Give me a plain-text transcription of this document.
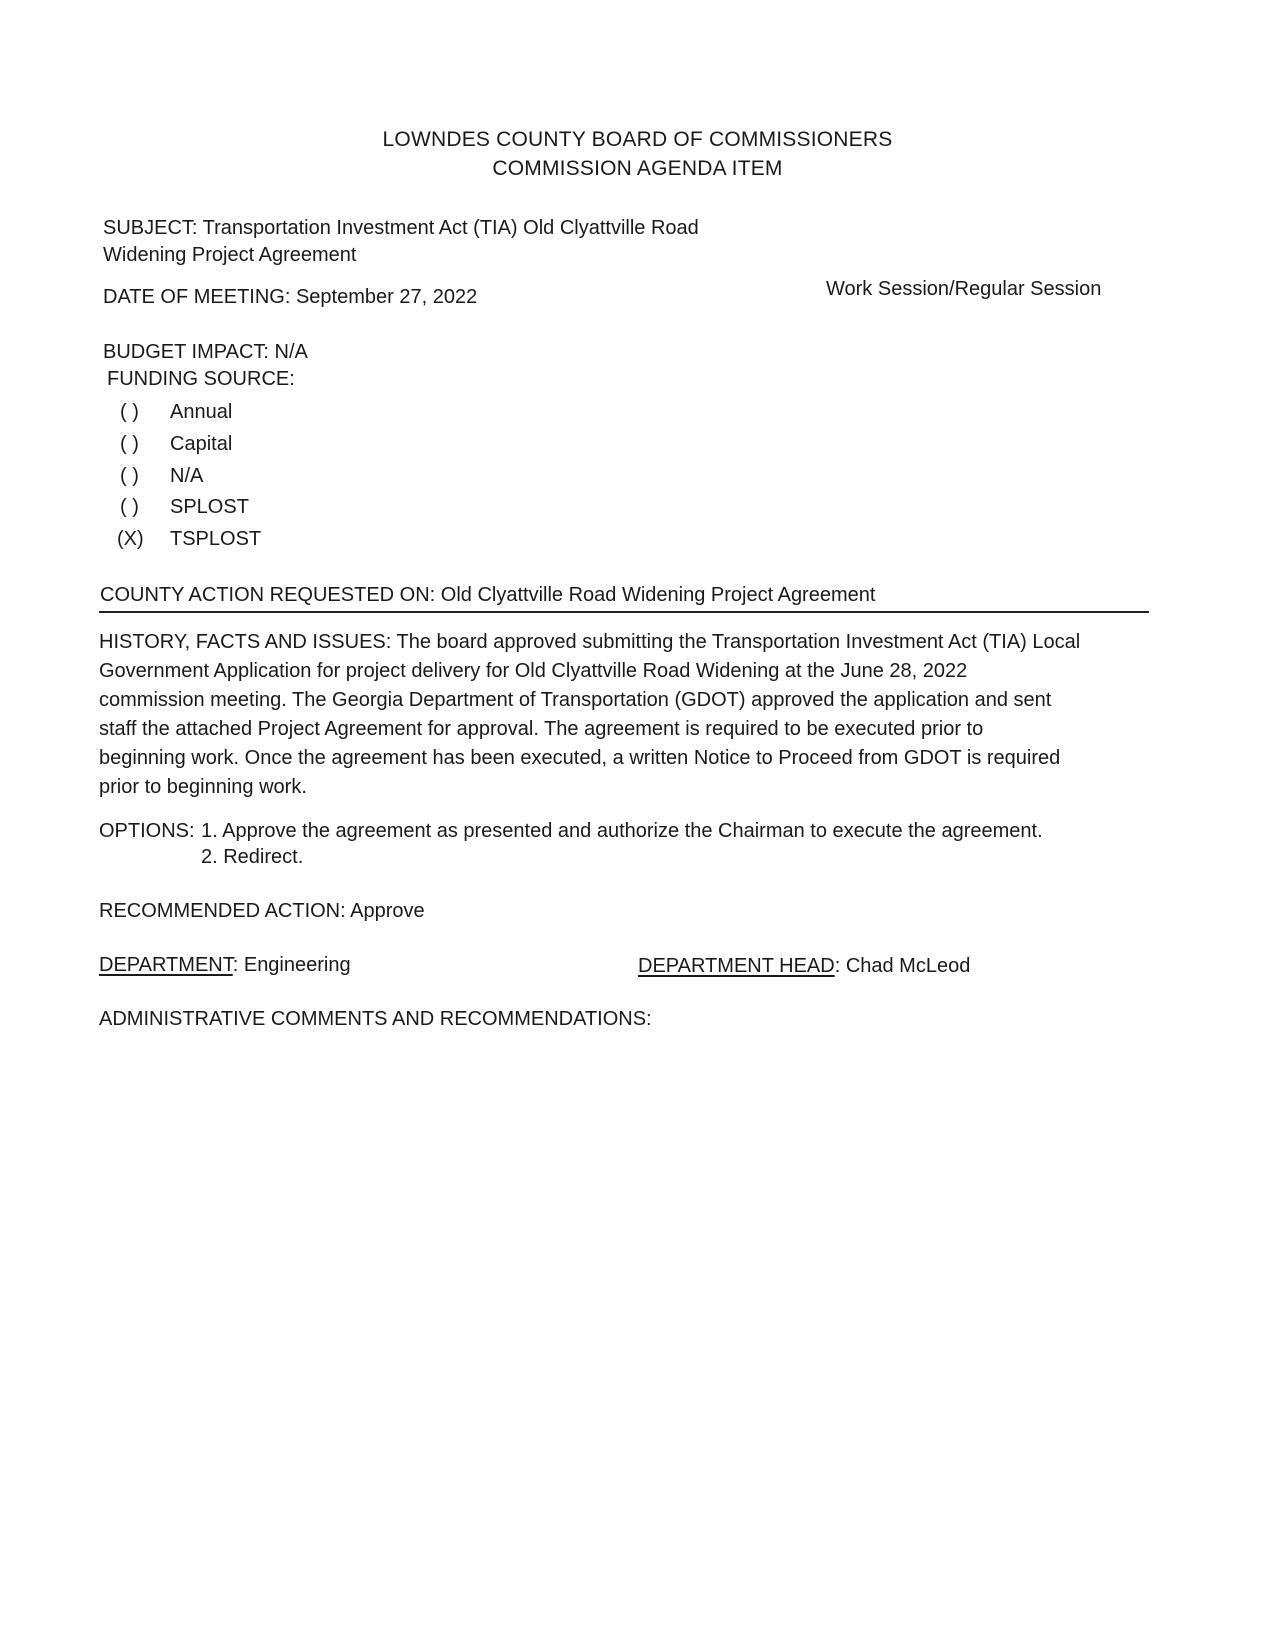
LOWNDES COUNTY BOARD OF COMMISSIONERS
COMMISSION AGENDA ITEM
SUBJECT: Transportation Investment Act (TIA) Old Clyattville Road
Widening Project Agreement
DATE OF MEETING: September 27, 2022	Work Session/Regular Session
BUDGET IMPACT: N/A
FUNDING SOURCE:
( ) Annual
( ) Capital
( ) N/A
( ) SPLOST
(X) TSPLOST
COUNTY ACTION REQUESTED ON: Old Clyattville Road Widening Project Agreement
HISTORY, FACTS AND ISSUES: The board approved submitting the Transportation Investment Act (TIA) Local
Government Application for project delivery for Old Clyattville Road Widening at the June 28, 2022
commission meeting. The Georgia Department of Transportation (GDOT) approved the application and sent
staff the attached Project Agreement for approval. The agreement is required to be executed prior to
beginning work. Once the agreement has been executed, a written Notice to Proceed from GDOT is required
prior to beginning work.
OPTIONS: 1. Approve the agreement as presented and authorize the Chairman to execute the agreement.
2. Redirect.
RECOMMENDED ACTION: Approve
DEPARTMENT: Engineering	DEPARTMENT HEAD: Chad McLeod
ADMINISTRATIVE COMMENTS AND RECOMMENDATIONS:
